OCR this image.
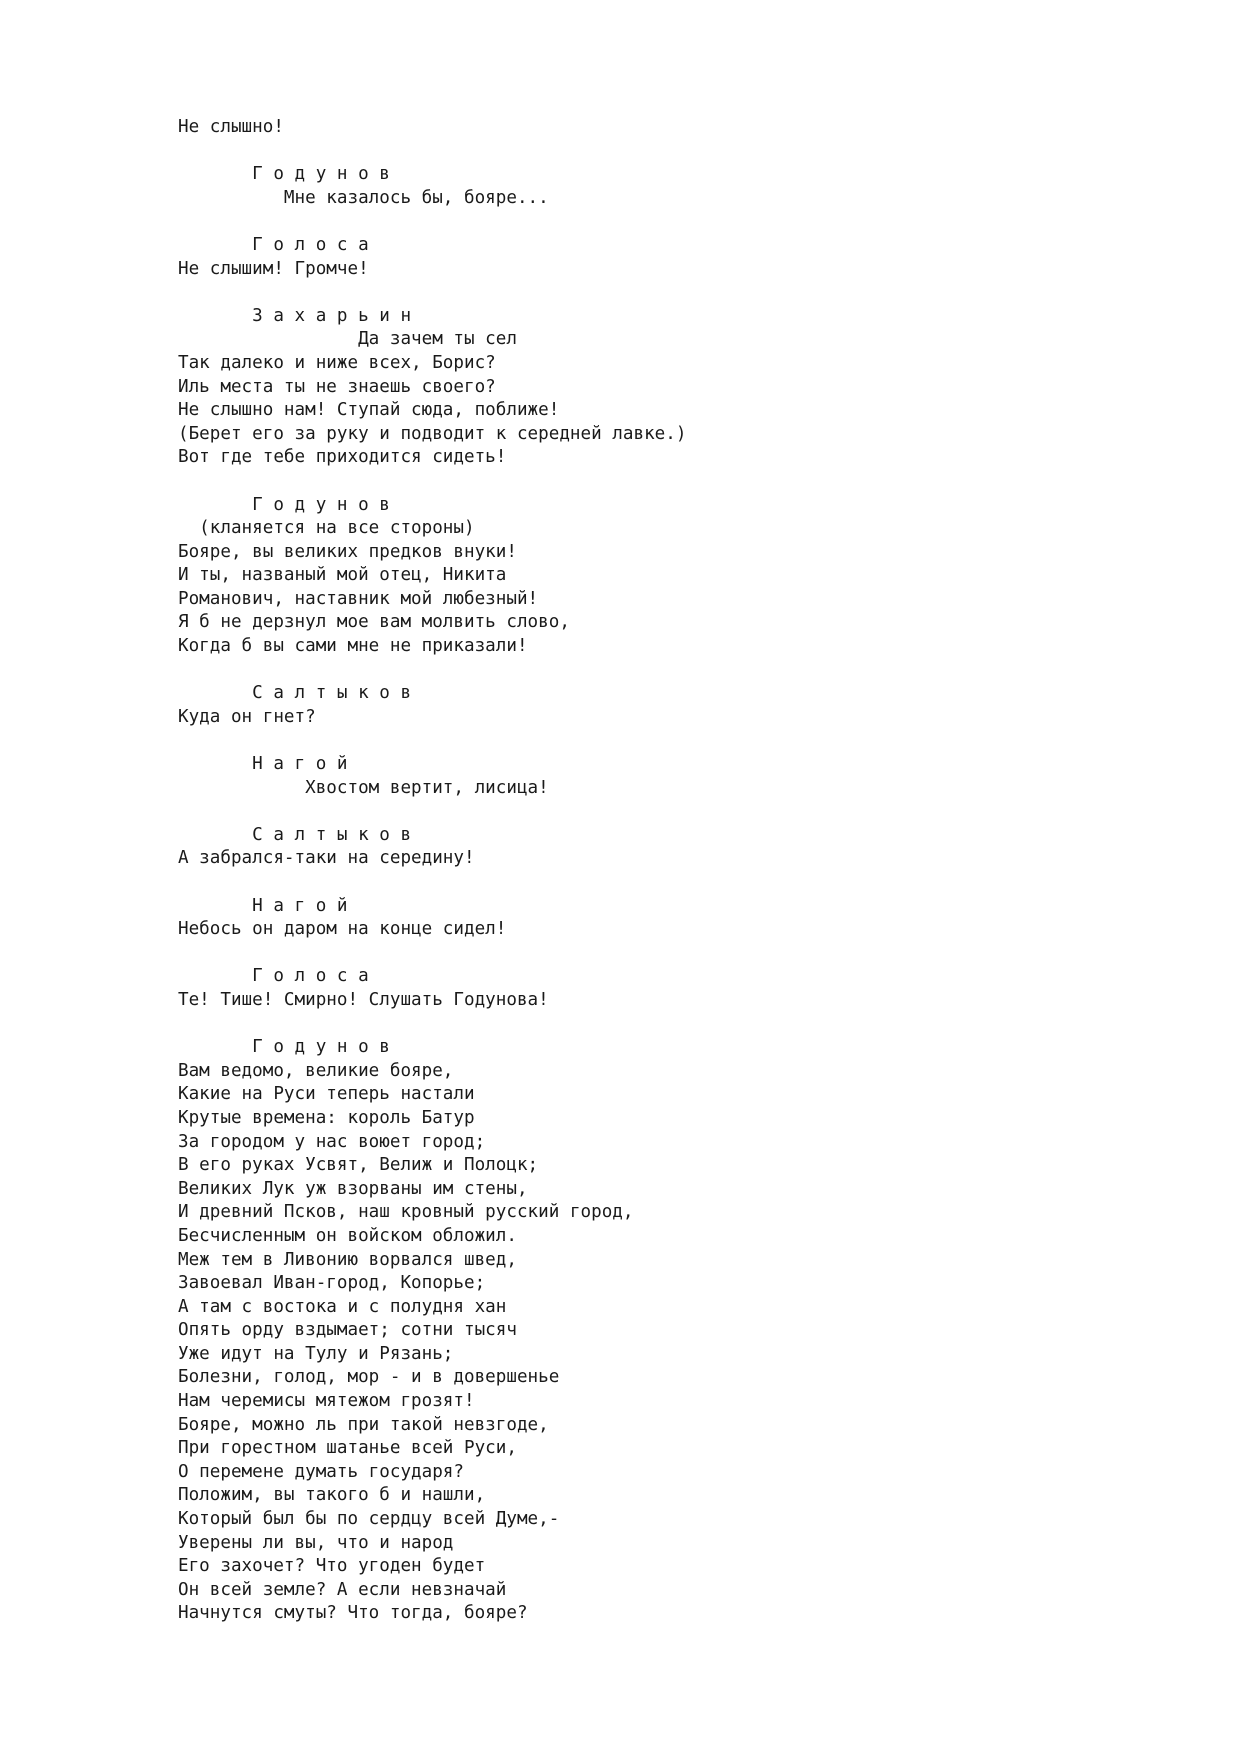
Не слышно!
Г о д у н о в
Мне казалось бы, бояре...
Г о л о с а
Не слышим! Громче!
З а х а р ь и н
Да зачем ты сел
Так далеко и ниже всех, Борис?
Иль места ты не знаешь своего?
Не слышно нам! Ступай сюда, поближе!
(Берет его за руку и подводит к середней лавке.)
Вот где тебе приходится сидеть!
Г о д у н о в
(кланяется на все стороны)
Бояре, вы великих предков внуки!
И ты, названый мой отец, Никита
Романович, наставник мой любезный!
Я б не дерзнул мое вам молвить слово,
Когда б вы сами мне не приказали!
С а л т ы к о в
Куда он гнет?
Н а г о й
Хвостом вертит, лисица!
С а л т ы к о в
А забрался-таки на середину!
Н а г о й
Небось он даром на конце сидел!
Г о л о с а
Те! Тише! Смирно! Слушать Годунова!
Г о д у н о в
Вам ведомо, великие бояре,
Какие на Руси теперь настали
Крутые времена: король Батур
За городом у нас воюет город;
В его руках Усвят, Велиж и Полоцк;
Великих Лук уж взорваны им стены,
И древний Псков, наш кровный русский город,
Бесчисленным он войском обложил.
Меж тем в Ливонию ворвался швед,
Завоевал Иван-город, Копорье;
А там с востока и с полудня хан
Опять орду вздымает; сотни тысяч
Уже идут на Тулу и Рязань;
Болезни, голод, мор - и в довершенье
Нам черемисы мятежом грозят!
Бояре, можно ль при такой невзгоде,
При горестном шатанье всей Руси,
О перемене думать государя?
Положим, вы такого б и нашли,
Который был бы по сердцу всей Думе,-
Уверены ли вы, что и народ
Его захочет? Что угоден будет
Он всей земле? А если невзначай
Начнутся смуты? Что тогда, бояре?
